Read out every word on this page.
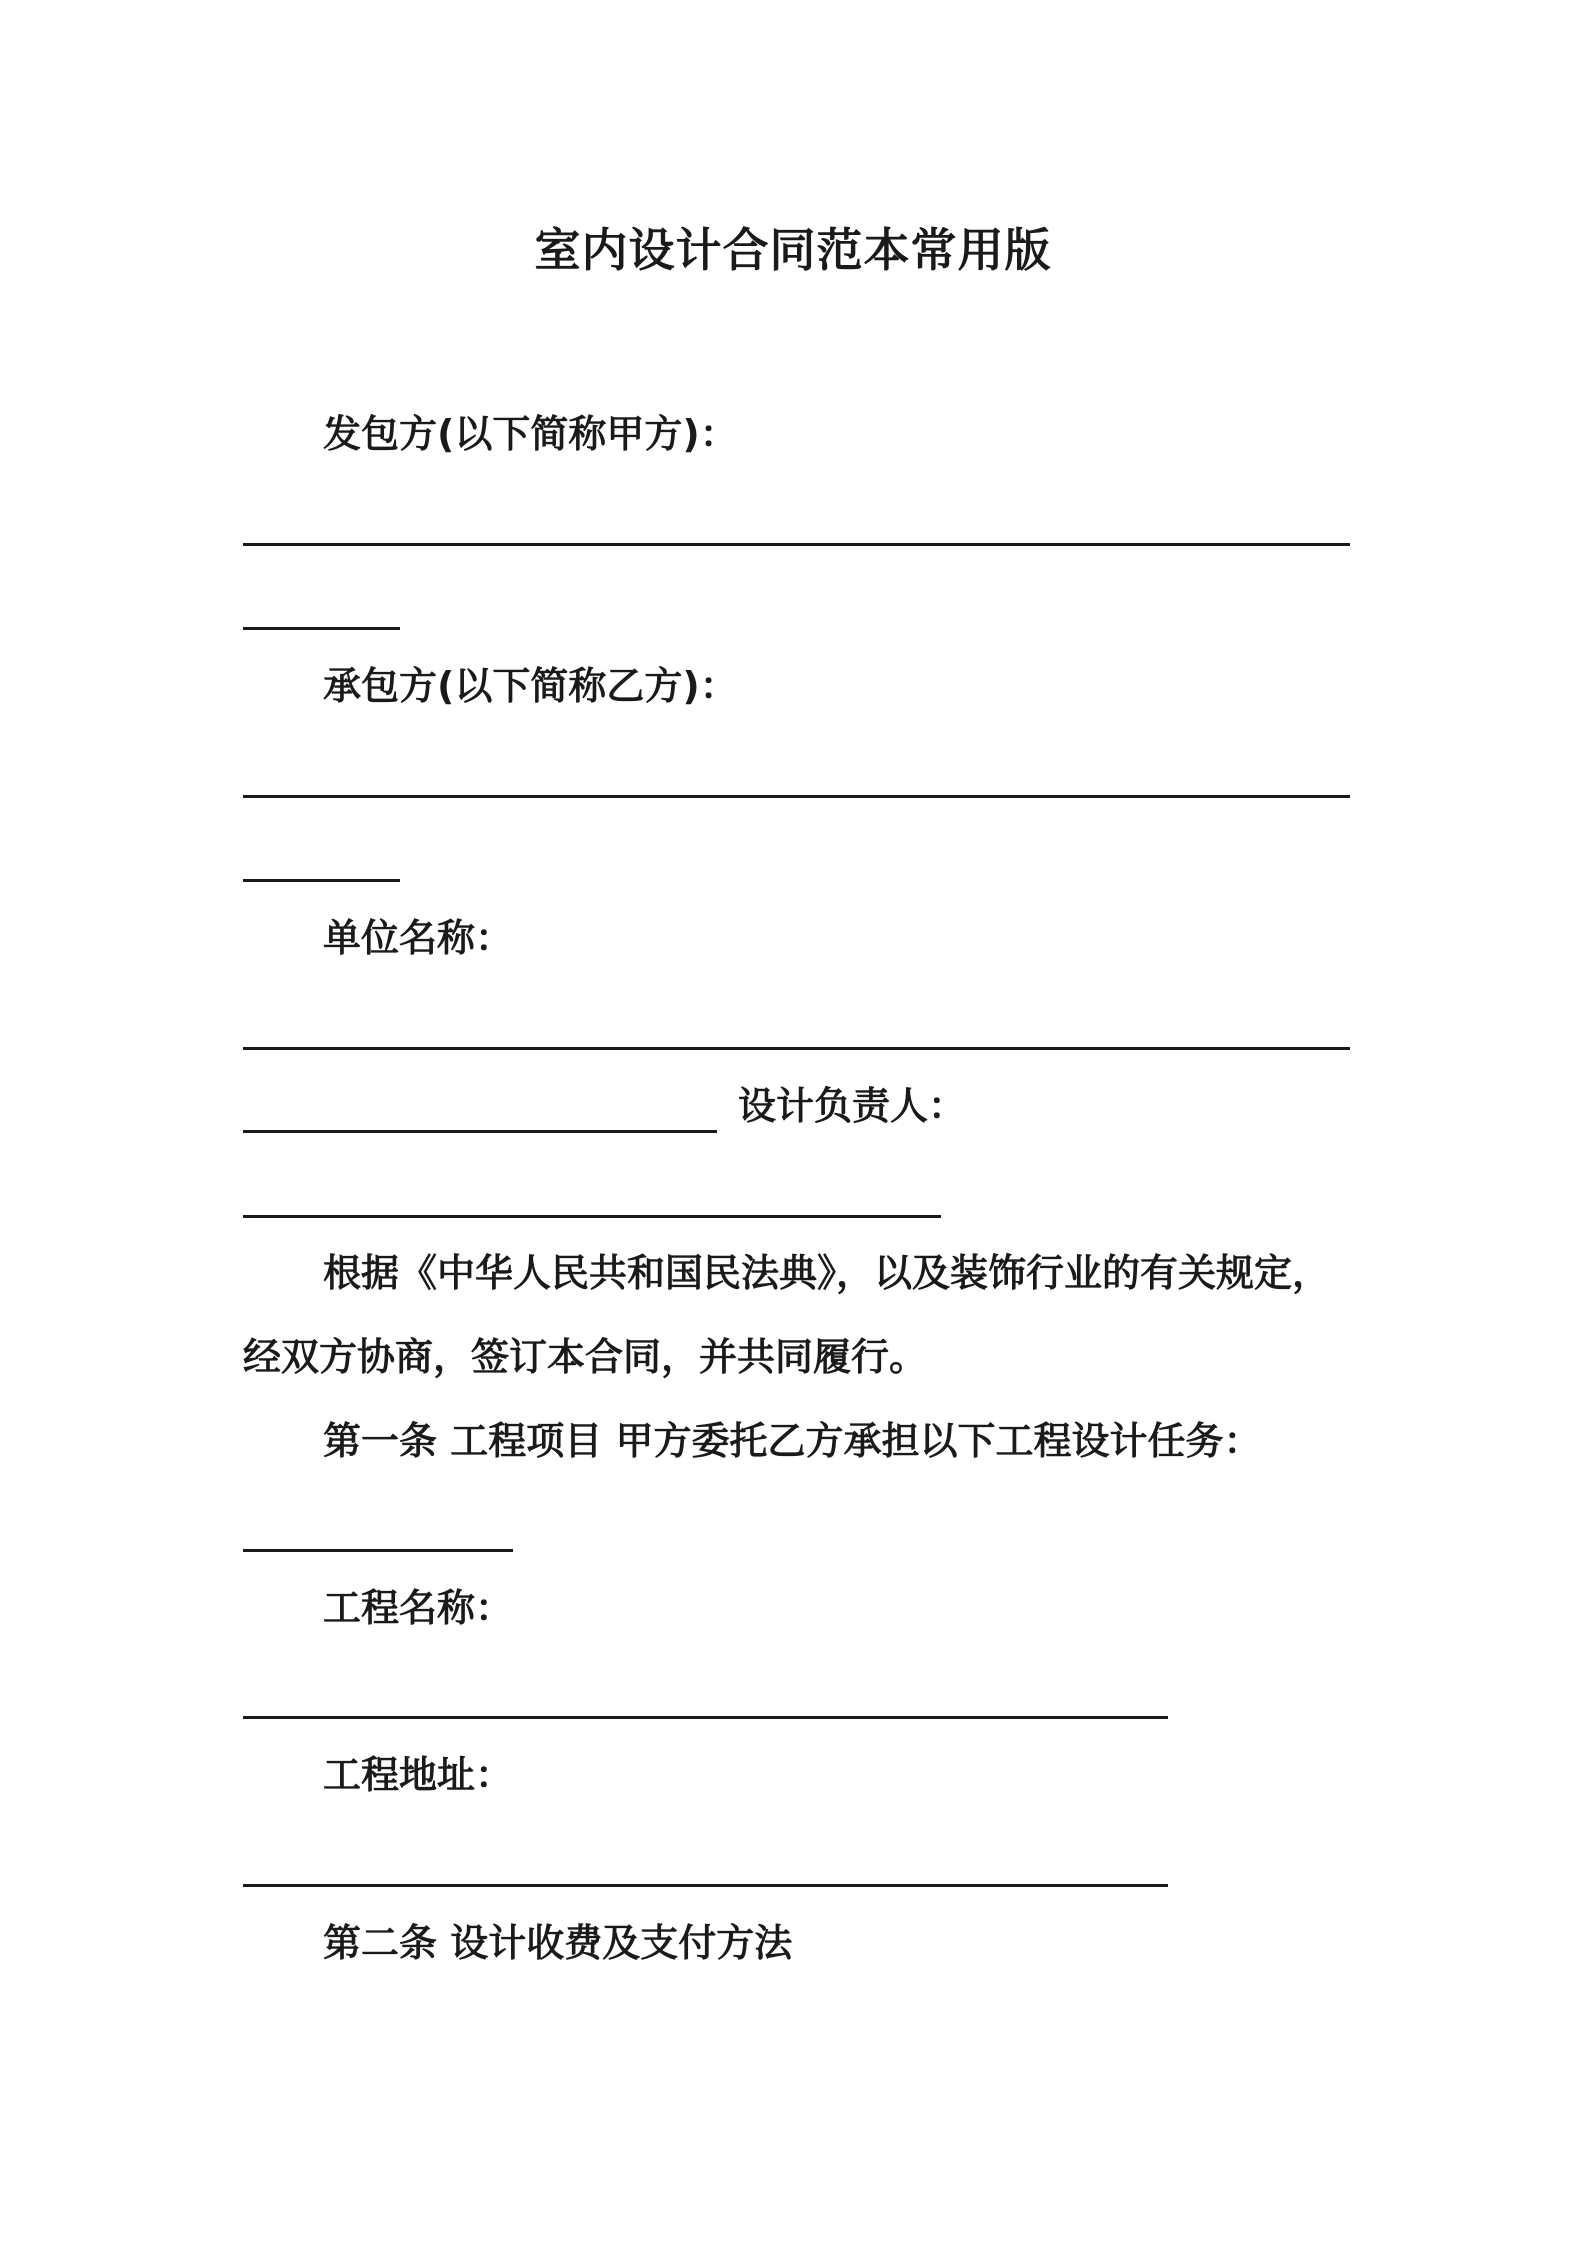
室内设计合同范本常用版
发包方(以下简称甲方)：
承包方(以下简称乙方)：
单位名称：
设计负责人：
根据《中华人民共和国民法典》，以及装饰行业的有关规定，
经双方协商，签订本合同，并共同履行。
第一条 工程项目 甲方委托乙方承担以下工程设计任务：
工程名称：
工程地址：
第二条 设计收费及支付方法
